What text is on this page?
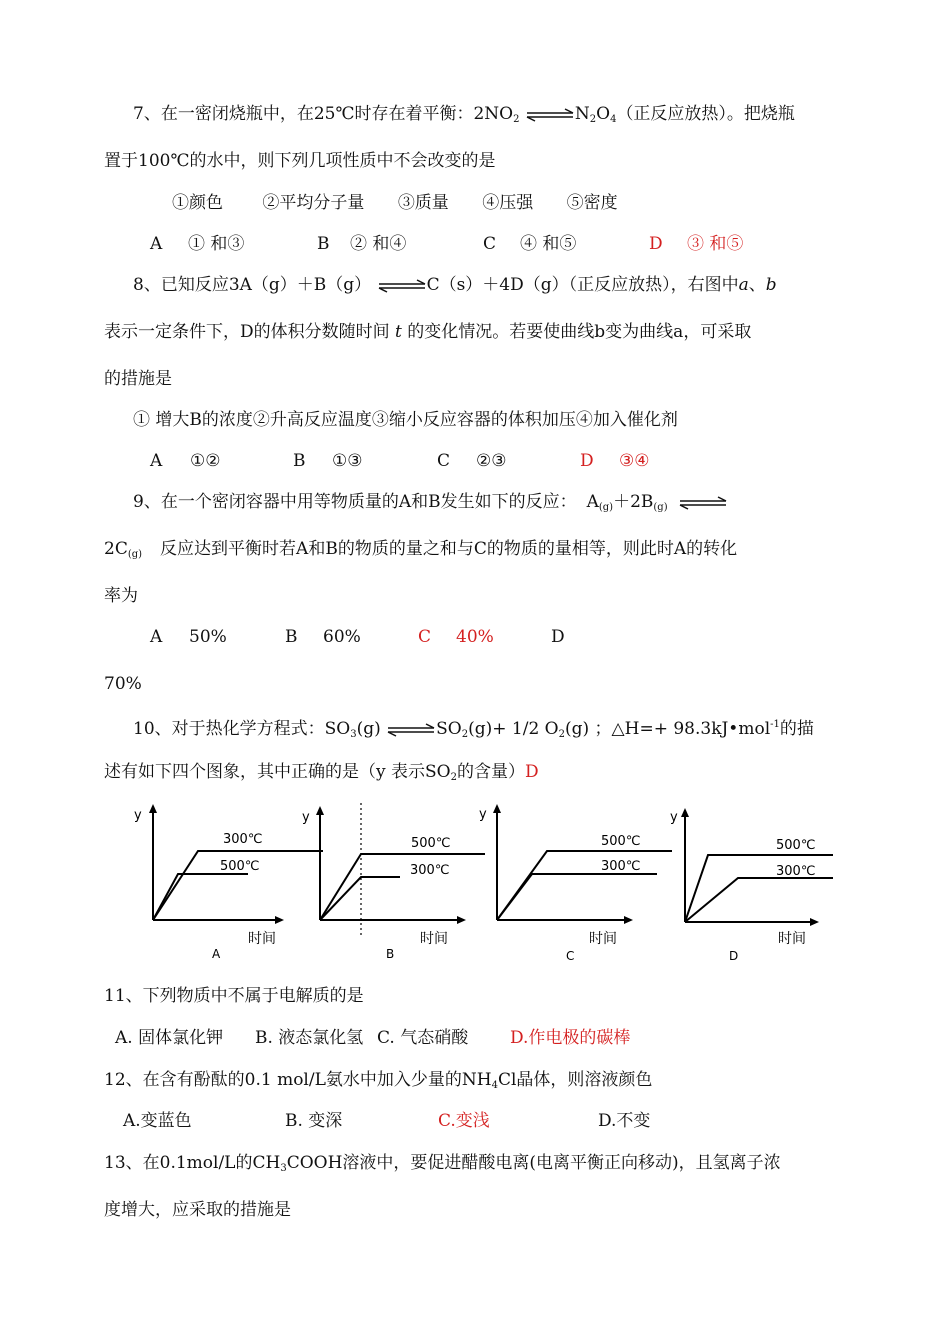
7、在一密闭烧瓶中，在25℃时存在着平衡：$2NO_2$ $\rightleftharpoons N_2O_4$（正反应放热）。把烧瓶
置于100℃的水中，则下列几项性质中不会改变的是
①颜色 ②平均分子量 ③质量 ④压强 ⑤密度
A ① 和③	B ② 和④	C ④ 和⑤	D ③ 和⑤
8、已知反应3A（g）＋B（g） ⇌C（s）＋4D（g）（正反应放热），右图中a、b
表示一定条件下，D的体积分数随时间 t 的变化情况。若要使曲线b变为曲线a，可采取
的措施是
① 增大B的浓度②升高反应温度③缩小反应容器的体积加压④加入催化剂
A ①②	B ①③	C ②③	D ③④
9、在一个密闭容器中用等物质量的A和B发生如下的反应： $A_{(g)}+2B_{(g)}$ ⇌
$2C_{(g)}$ 反应达到平衡时若A和B的物质的量之和与C的物质的量相等，则此时A的转化
率为
A 50%	B 60%	C 40%	D
70%
10、对于热化学方程式：$SO_3(g)$ $\rightleftharpoons SO_2(g)+ 1/2$ $O_2(g)$ ；△H=+ 98.3kJ•mol$^{-1}$的描
述有如下四个图象，其中正确的是（y 表示$SO_2$的含量）D
y
300℃
500℃
时间
A
y
500℃
300℃
时间
B
y
500℃
300℃
时间
C
y
500℃
300℃
时间
D
11、下列物质中不属于电解质的是
A. 固体氯化钾 B. 液态氯化氢 C. 气态硝酸 D.作电极的碳棒
12、在含有酚酞的0.1 mol/L氨水中加入少量的$NH_4Cl$晶体，则溶液颜色
A.变蓝色	B. 变深	C.变浅	D.不变
13、在0.1mol/L的$CH_3COOH$溶液中，要促进醋酸电离(电离平衡正向移动)，且氢离子浓
度增大，应采取的措施是
